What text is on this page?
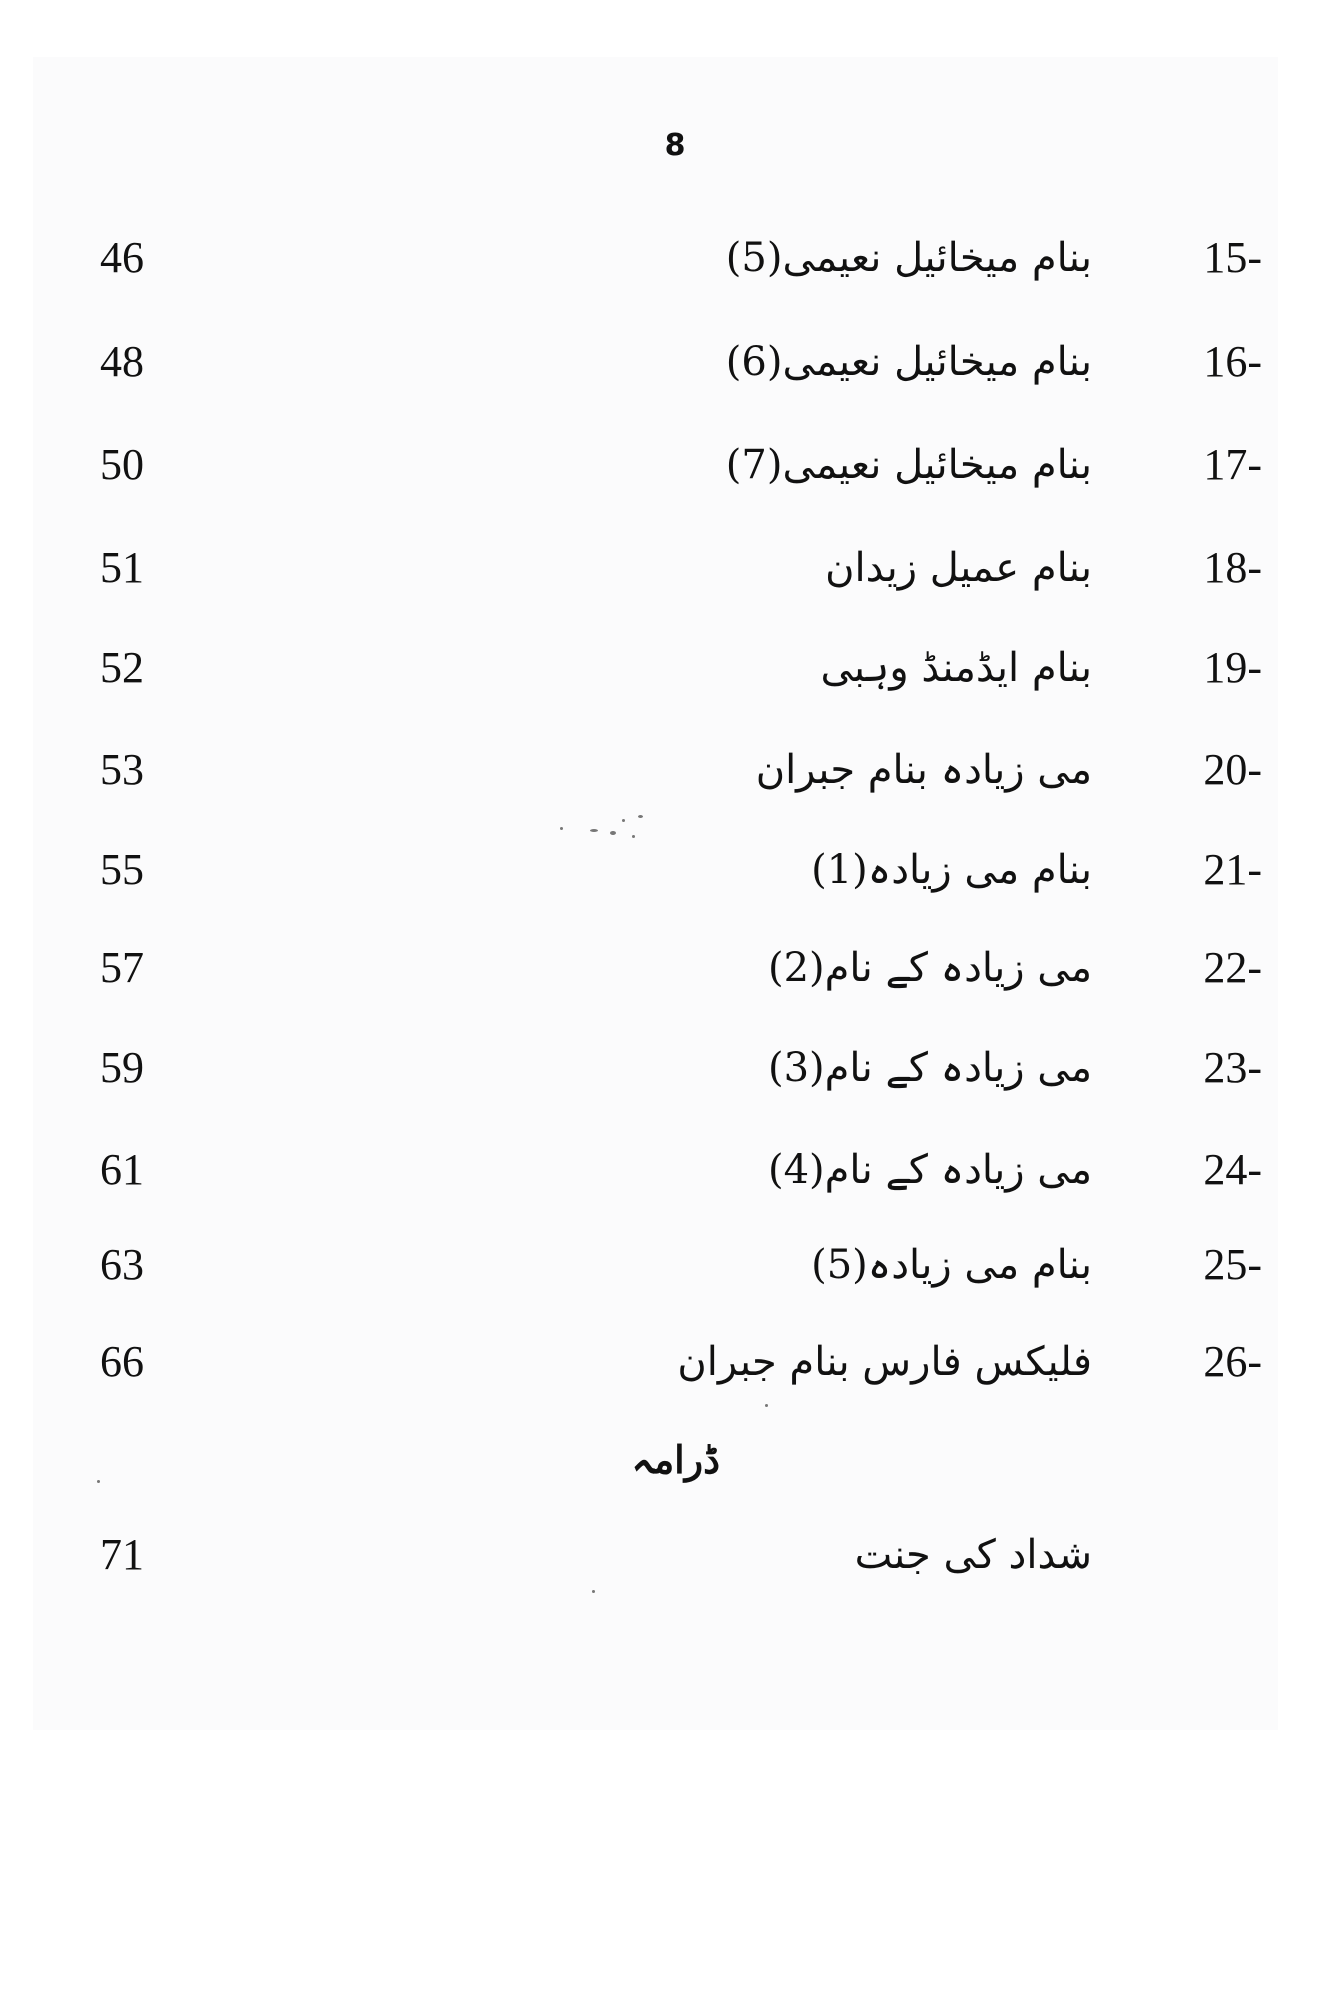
8
15-
بنام میخائیل نعیمی(5)
46
16-
بنام میخائیل نعیمی(6)
48
17-
بنام میخائیل نعیمی(7)
50
18-
بنام عمیل زیدان
51
19-
بنام ایڈمنڈ وہبی
52
20-
می زیادہ بنام جبران
53
21-
بنام می زیادہ(1)
55
22-
می زیادہ کے نام(2)
57
23-
می زیادہ کے نام(3)
59
24-
می زیادہ کے نام(4)
61
25-
بنام می زیادہ(5)
63
26-
فلیکس فارس بنام جبران
66
ڈرامہ
شداد کی جنت
71
